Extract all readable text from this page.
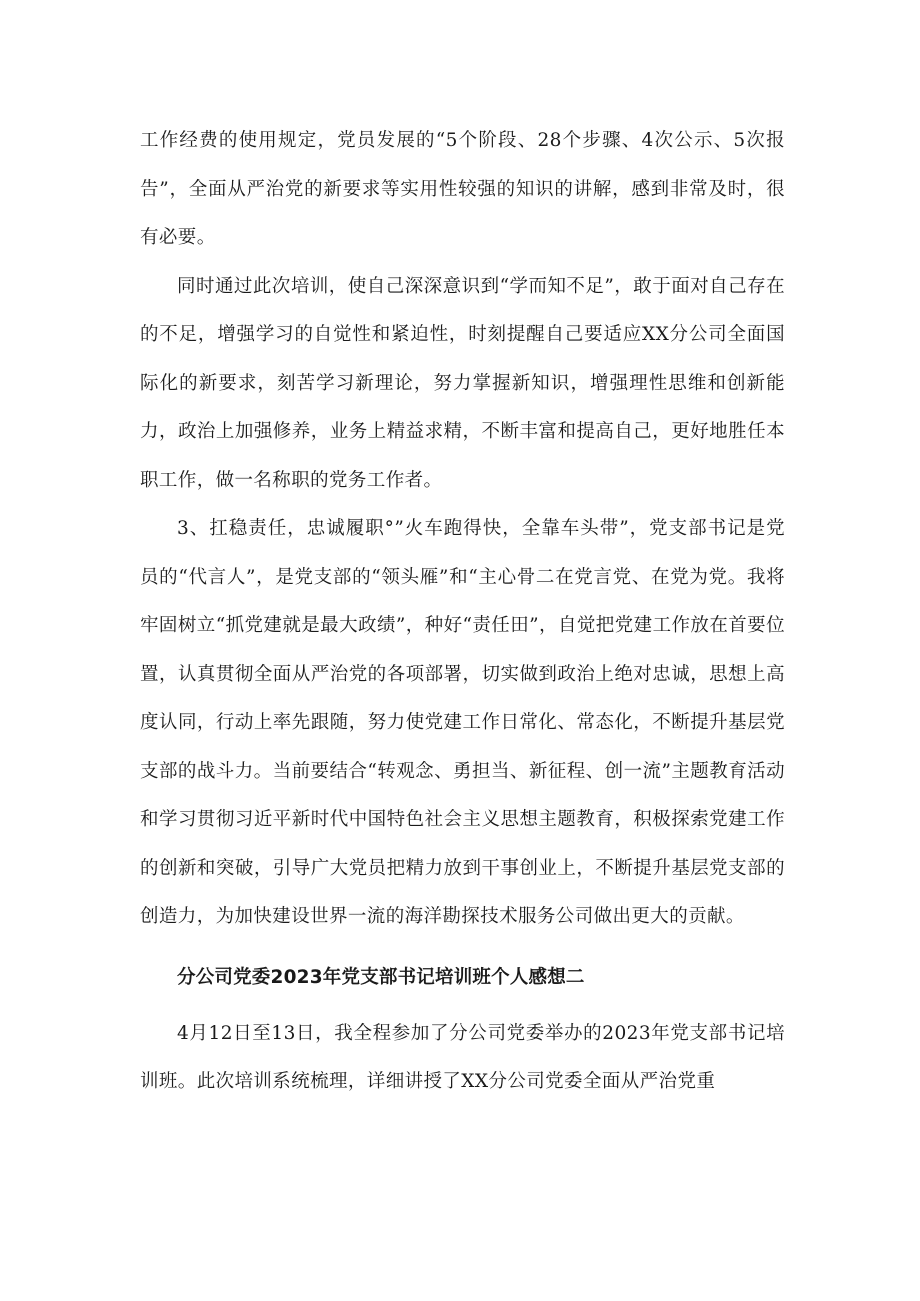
工作经费的使用规定，党员发展的“5个阶段、28个步骤、4次公示、5次报告”，全面从严治党的新要求等实用性较强的知识的讲解，感到非常及时，很有必要。

同时通过此次培训，使自己深深意识到“学而知不足”，敢于面对自己存在的不足，增强学习的自觉性和紧迫性，时刻提醒自己要适应XX分公司全面国际化的新要求，刻苦学习新理论，努力掌握新知识，增强理性思维和创新能力，政治上加强修养，业务上精益求精，不断丰富和提高自己，更好地胜任本职工作，做一名称职的党务工作者。

3、扛稳责任，忠诚履职°”火车跑得快，全靠车头带”，党支部书记是党员的“代言人”，是党支部的“领头雁”和“主心骨二在党言党、在党为党。我将牢固树立“抓党建就是最大政绩”，种好“责任田”，自觉把党建工作放在首要位置，认真贯彻全面从严治党的各项部署，切实做到政治上绝对忠诚，思想上高度认同，行动上率先跟随，努力使党建工作日常化、常态化，不断提升基层党支部的战斗力。当前要结合“转观念、勇担当、新征程、创一流”主题教育活动和学习贯彻习近平新时代中国特色社会主义思想主题教育，积极探索党建工作的创新和突破，引导广大党员把精力放到干事创业上，不断提升基层党支部的创造力，为加快建设世界一流的海洋勘探技术服务公司做出更大的贡献。

分公司党委2023年党支部书记培训班个人感想二

4月12日至13日，我全程参加了分公司党委举办的2023年党支部书记培训班。此次培训系统梳理，详细讲授了XX分公司党委全面从严治党重
